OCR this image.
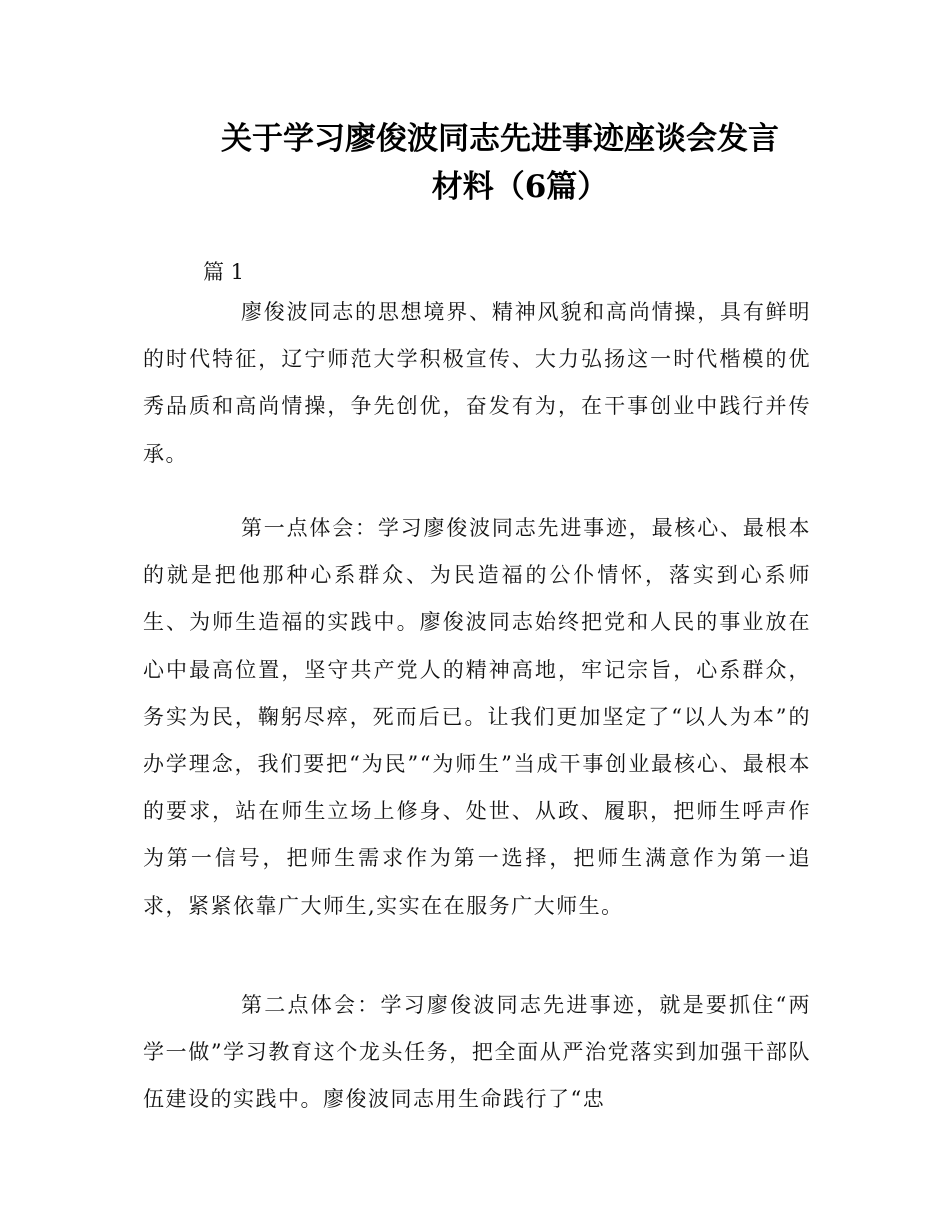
关于学习廖俊波同志先进事迹座谈会发言
材料（6篇）
篇 1

廖俊波同志的思想境界、精神风貌和高尚情操，具有鲜明的时代特征，辽宁师范大学积极宣传、大力弘扬这一时代楷模的优秀品质和高尚情操，争先创优，奋发有为，在干事创业中践行并传承。

第一点体会：学习廖俊波同志先进事迹，最核心、最根本的就是把他那种心系群众、为民造福的公仆情怀，落实到心系师生、为师生造福的实践中。廖俊波同志始终把党和人民的事业放在心中最高位置，坚守共产党人的精神高地，牢记宗旨，心系群众，务实为民，鞠躬尽瘁，死而后已。让我们更加坚定了“以人为本”的办学理念，我们要把“为民”“为师生”当成干事创业最核心、最根本的要求，站在师生立场上修身、处世、从政、履职，把师生呼声作为第一信号，把师生需求作为第一选择，把师生满意作为第一追求，紧紧依靠广大师生,实实在在服务广大师生。

第二点体会：学习廖俊波同志先进事迹，就是要抓住“两学一做”学习教育这个龙头任务，把全面从严治党落实到加强干部队伍建设的实践中。廖俊波同志用生命践行了“忠
